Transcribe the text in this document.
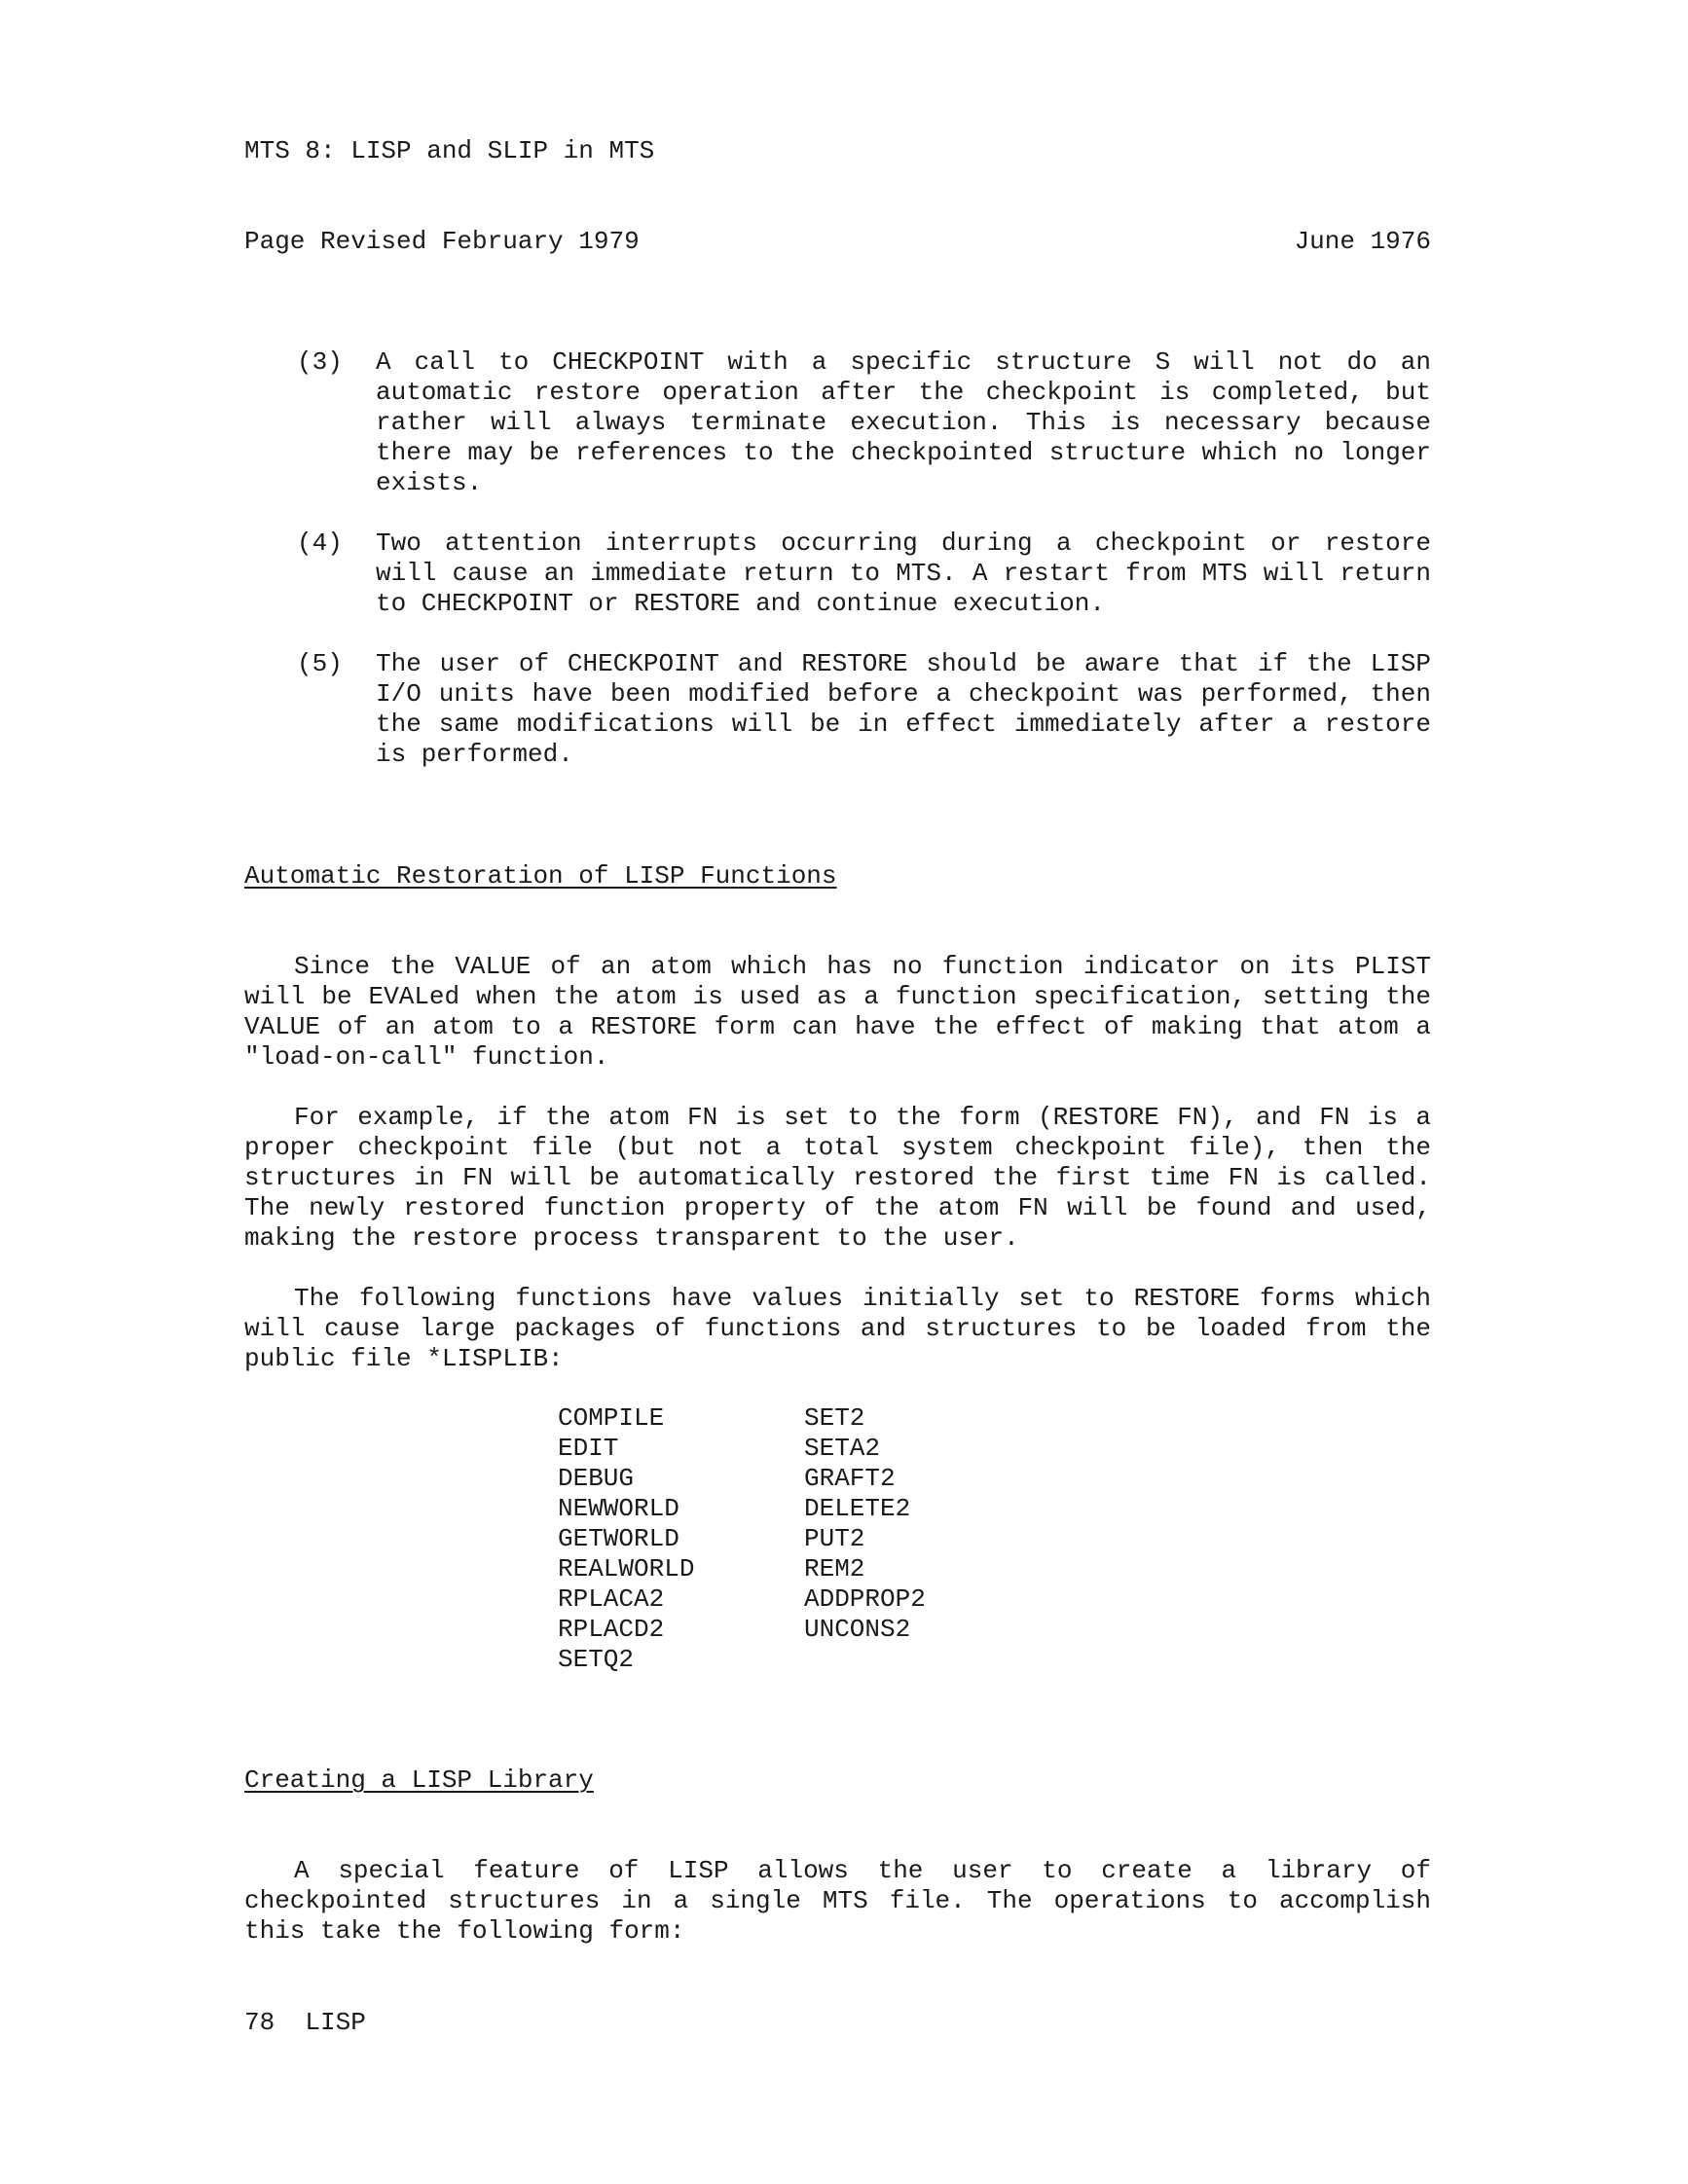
MTS 8: LISP and SLIP in MTS
Page Revised February 1979	June 1976
(3) A call to CHECKPOINT with a specific structure S will not do an automatic restore operation after the checkpoint is completed, but rather will always terminate execution. This is necessary because there may be references to the checkpointed structure which no longer exists.
(4) Two attention interrupts occurring during a checkpoint or restore will cause an immediate return to MTS. A restart from MTS will return to CHECKPOINT or RESTORE and continue execution.
(5) The user of CHECKPOINT and RESTORE should be aware that if the LISP I/O units have been modified before a checkpoint was performed, then the same modifications will be in effect immediately after a restore is performed.
Automatic Restoration of LISP Functions
Since the VALUE of an atom which has no function indicator on its PLIST will be EVALed when the atom is used as a function specification, setting the VALUE of an atom to a RESTORE form can have the effect of making that atom a "load-on-call" function.
For example, if the atom FN is set to the form (RESTORE FN), and FN is a proper checkpoint file (but not a total system checkpoint file), then the structures in FN will be automatically restored the first time FN is called. The newly restored function property of the atom FN will be found and used, making the restore process transparent to the user.
The following functions have values initially set to RESTORE forms which will cause large packages of functions and structures to be loaded from the public file *LISPLIB:
COMPILE
EDIT
DEBUG
NEWWORLD
GETWORLD
REALWORLD
RPLACA2
RPLACD2
SETQ2
SET2
SETA2
GRAFT2
DELETE2
PUT2
REM2
ADDPROP2
UNCONS2
Creating a LISP Library
A special feature of LISP allows the user to create a library of checkpointed structures in a single MTS file. The operations to accomplish this take the following form:
78  LISP
